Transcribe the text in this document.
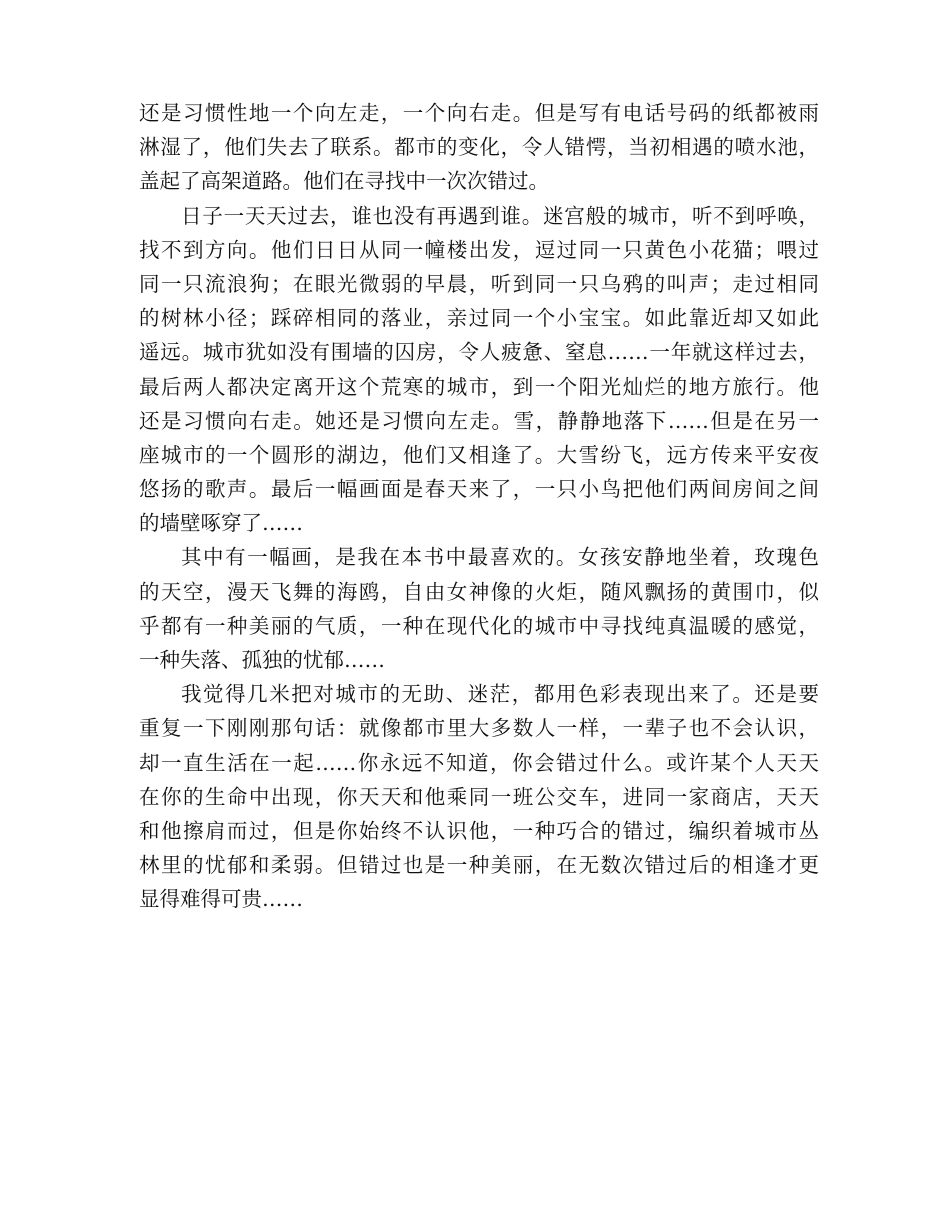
还是习惯性地一个向左走，一个向右走。但是写有电话号码的纸都被雨
淋湿了，他们失去了联系。都市的变化，令人错愕，当初相遇的喷水池，
盖起了高架道路。他们在寻找中一次次错过。
日子一天天过去，谁也没有再遇到谁。迷宫般的城市，听不到呼唤，
找不到方向。他们日日从同一幢楼出发，逗过同一只黄色小花猫；喂过
同一只流浪狗；在眼光微弱的早晨，听到同一只乌鸦的叫声；走过相同
的树林小径；踩碎相同的落业，亲过同一个小宝宝。如此靠近却又如此
遥远。城市犹如没有围墙的囚房，令人疲惫、窒息……一年就这样过去，
最后两人都决定离开这个荒寒的城市，到一个阳光灿烂的地方旅行。他
还是习惯向右走。她还是习惯向左走。雪，静静地落下……但是在另一
座城市的一个圆形的湖边，他们又相逢了。大雪纷飞，远方传来平安夜
悠扬的歌声。最后一幅画面是春天来了，一只小鸟把他们两间房间之间
的墙壁啄穿了……
其中有一幅画，是我在本书中最喜欢的。女孩安静地坐着，玫瑰色
的天空，漫天飞舞的海鸥，自由女神像的火炬，随风飘扬的黄围巾，似
乎都有一种美丽的气质，一种在现代化的城市中寻找纯真温暖的感觉，
一种失落、孤独的忧郁……
我觉得几米把对城市的无助、迷茫，都用色彩表现出来了。还是要
重复一下刚刚那句话：就像都市里大多数人一样，一辈子也不会认识，
却一直生活在一起……你永远不知道，你会错过什么。或许某个人天天
在你的生命中出现，你天天和他乘同一班公交车，进同一家商店，天天
和他擦肩而过，但是你始终不认识他，一种巧合的错过，编织着城市丛
林里的忧郁和柔弱。但错过也是一种美丽，在无数次错过后的相逢才更
显得难得可贵……
